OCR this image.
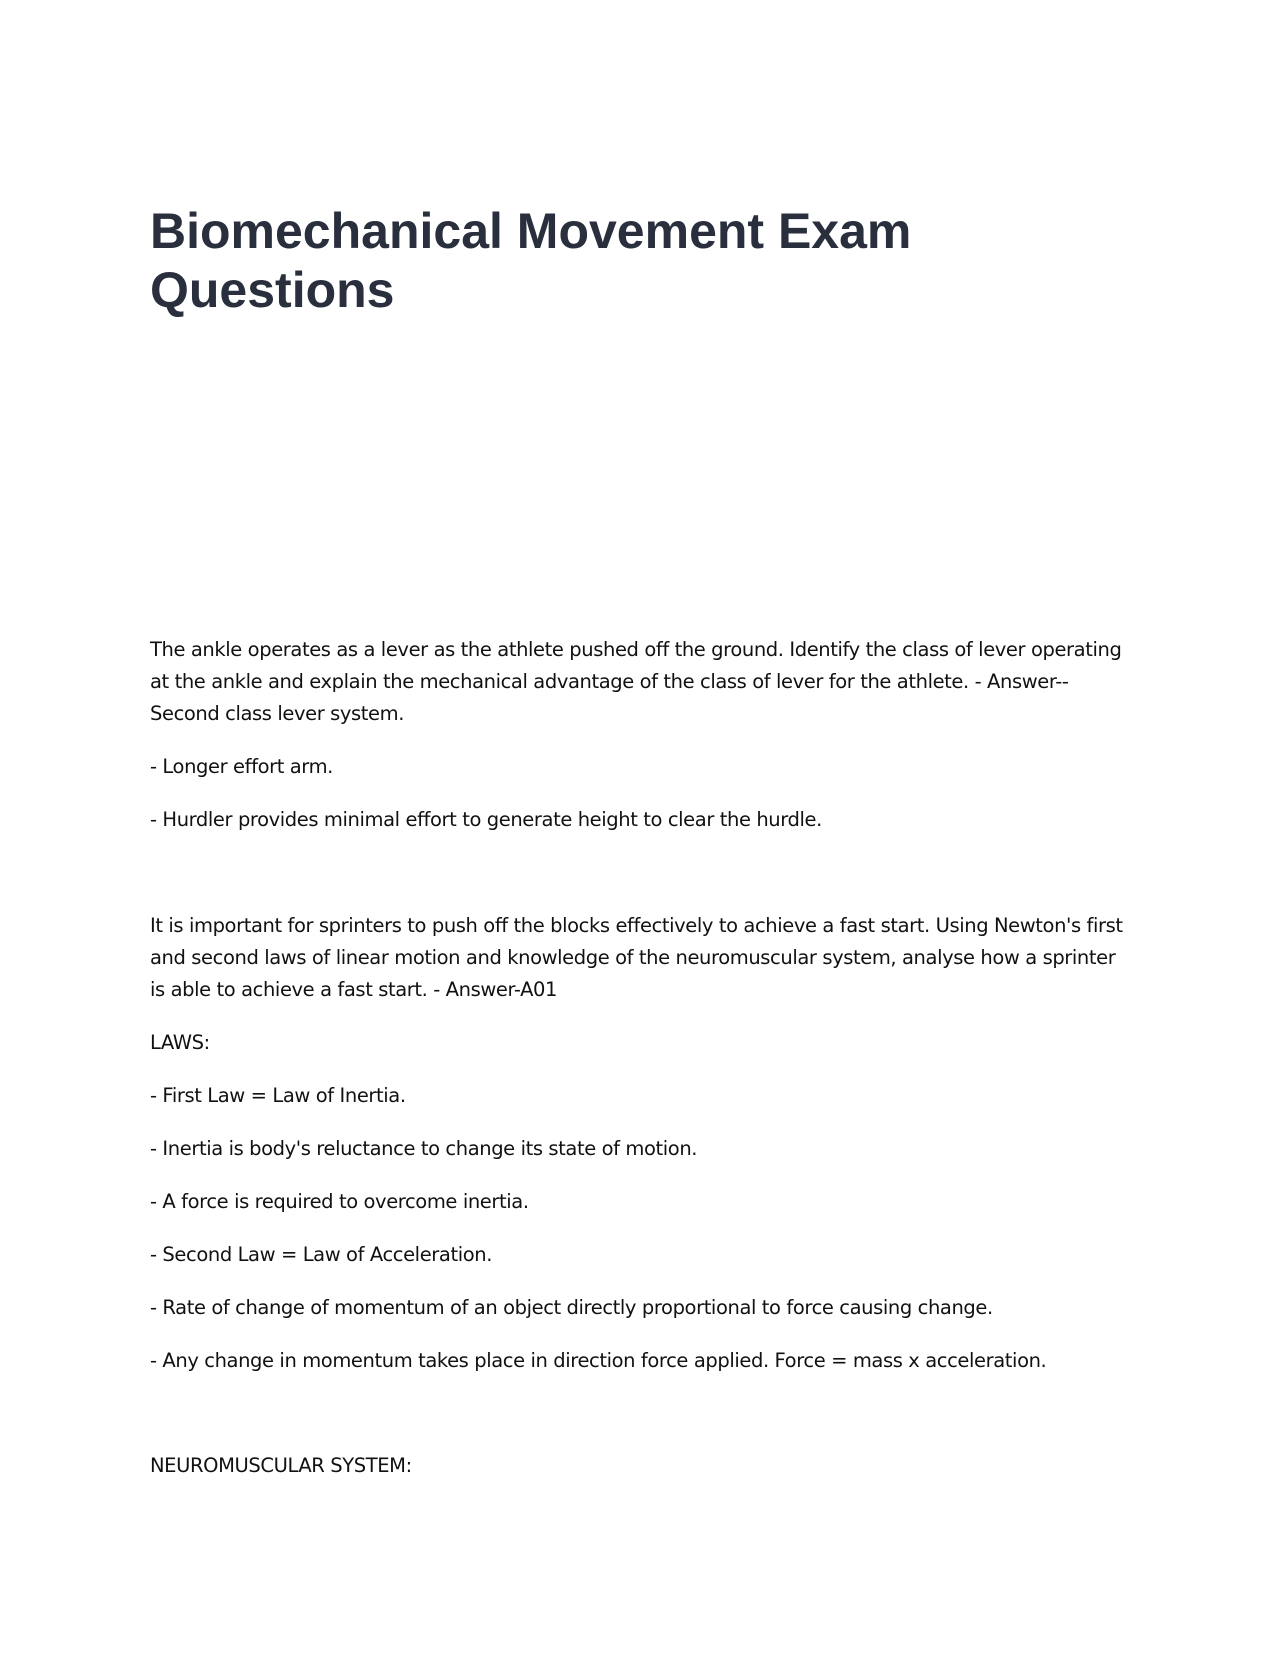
Biomechanical Movement Exam Questions

The ankle operates as a lever as the athlete pushed off the ground. Identify the class of lever operating at the ankle and explain the mechanical advantage of the class of lever for the athlete. - Answer--Second class lever system.

- Longer effort arm.

- Hurdler provides minimal effort to generate height to clear the hurdle.

It is important for sprinters to push off the blocks effectively to achieve a fast start. Using Newton's first and second laws of linear motion and knowledge of the neuromuscular system, analyse how a sprinter is able to achieve a fast start. - Answer-A01

LAWS:

- First Law = Law of Inertia.

- Inertia is body's reluctance to change its state of motion.

- A force is required to overcome inertia.

- Second Law = Law of Acceleration.

- Rate of change of momentum of an object directly proportional to force causing change.

- Any change in momentum takes place in direction force applied. Force = mass x acceleration.

NEUROMUSCULAR SYSTEM:
